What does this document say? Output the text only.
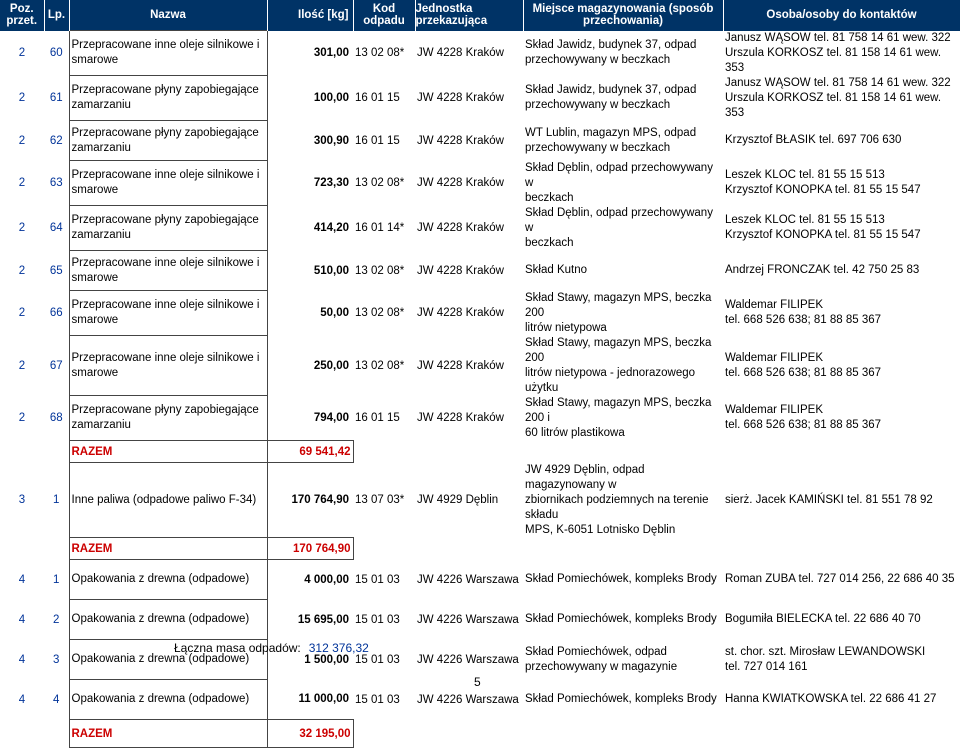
Poz.
przet.	Lp.	Nazwa	Ilość [kg]	Kod
odpadu	Jednostka
przekazująca	Miejsce magazynowania (sposób
przechowania)	Osoba/osoby do kontaktów
2	60	Przepracowane inne oleje silnikowe i
smarowe	301,00	13 02 08*	JW 4228 Kraków	Skład Jawidz, budynek 37, odpad
przechowywany w beczkach	Janusz WĄSOW tel. 81 758 14 61 wew. 322
Urszula KORKOSZ tel. 81 158 14 61 wew. 353
2	61	Przepracowane płyny zapobiegające
zamarzaniu	100,00	16 01 15	JW 4228 Kraków	Skład Jawidz, budynek 37, odpad
przechowywany w beczkach	Janusz WĄSOW tel. 81 758 14 61 wew. 322
Urszula KORKOSZ tel. 81 158 14 61 wew. 353
2	62	Przepracowane płyny zapobiegające
zamarzaniu	300,90	16 01 15	JW 4228 Kraków	WT Lublin, magazyn MPS, odpad
przechowywany w beczkach	Krzysztof BŁASIK tel. 697 706 630
2	63	Przepracowane inne oleje silnikowe i
smarowe	723,30	13 02 08*	JW 4228 Kraków	Skład Dęblin, odpad przechowywany w
beczkach	Leszek KLOC tel. 81 55 15 513
Krzysztof KONOPKA tel. 81 55 15 547
2	64	Przepracowane płyny zapobiegające
zamarzaniu	414,20	16 01 14*	JW 4228 Kraków	Skład Dęblin, odpad przechowywany w
beczkach	Leszek KLOC tel. 81 55 15 513
Krzysztof KONOPKA tel. 81 55 15 547
2	65	Przepracowane inne oleje silnikowe i
smarowe	510,00	13 02 08*	JW 4228 Kraków	Skład Kutno	Andrzej FRONCZAK tel. 42 750 25 83
2	66	Przepracowane inne oleje silnikowe i
smarowe	50,00	13 02 08*	JW 4228 Kraków	Skład Stawy, magazyn MPS, beczka 200
litrów nietypowa	Waldemar FILIPEK
tel. 668 526 638; 81 88 85 367
2	67	Przepracowane inne oleje silnikowe i
smarowe	250,00	13 02 08*	JW 4228 Kraków	Skład Stawy, magazyn MPS, beczka 200
litrów nietypowa - jednorazowego użytku	Waldemar FILIPEK
tel. 668 526 638; 81 88 85 367
2	68	Przepracowane płyny zapobiegające
zamarzaniu	794,00	16 01 15	JW 4228 Kraków	Skład Stawy, magazyn MPS, beczka 200 i
60 litrów plastikowa	Waldemar FILIPEK
tel. 668 526 638; 81 88 85 367
		RAZEM	69 541,42				
3	1	Inne paliwa (odpadowe paliwo F-34)	170 764,90	13 07 03*	JW 4929 Dęblin	JW 4929 Dęblin, odpad magazynowany w
zbiornikach podziemnych na terenie składu
MPS, K-6051 Lotnisko Dęblin	sierż. Jacek KAMIŃSKI tel. 81 551 78 92
		RAZEM	170 764,90				
4	1	Opakowania z drewna (odpadowe)	4 000,00	15 01 03	JW 4226 Warszawa	Skład Pomiechówek, kompleks Brody	Roman ZUBA tel. 727 014 256, 22 686 40 35
4	2	Opakowania z drewna (odpadowe)	15 695,00	15 01 03	JW 4226 Warszawa	Skład Pomiechówek, kompleks Brody	Bogumiła BIELECKA tel. 22 686 40 70
4	3	Opakowania z drewna (odpadowe)	1 500,00	15 01 03	JW 4226 Warszawa	Skład Pomiechówek, odpad
przechowywany w magazynie	st. chor. szt. Mirosław LEWANDOWSKI
tel. 727 014 161
4	4	Opakowania z drewna (odpadowe)	11 000,00	15 01 03	JW 4226 Warszawa	Skład Pomiechówek, kompleks Brody	Hanna KWIATKOWSKA tel. 22 686 41 27
		RAZEM	32 195,00				
Łączna masa odpadów: 312 376,32
5
